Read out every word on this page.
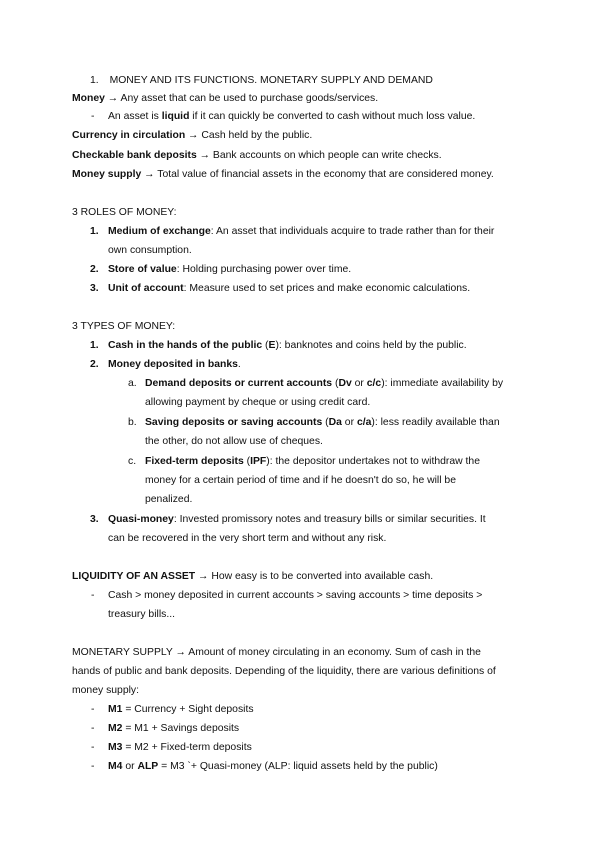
1. MONEY AND ITS FUNCTIONS. MONETARY SUPPLY AND DEMAND
Money → Any asset that can be used to purchase goods/services.
- An asset is liquid if it can quickly be converted to cash without much loss value.
Currency in circulation → Cash held by the public.
Checkable bank deposits → Bank accounts on which people can write checks.
Money supply → Total value of financial assets in the economy that are considered money.
3 ROLES OF MONEY:
1. Medium of exchange: An asset that individuals acquire to trade rather than for their
own consumption.
2. Store of value: Holding purchasing power over time.
3. Unit of account: Measure used to set prices and make economic calculations.
3 TYPES OF MONEY:
1. Cash in the hands of the public (E): banknotes and coins held by the public.
2. Money deposited in banks.
a. Demand deposits or current accounts (Dv or c/c): immediate availability by
allowing payment by cheque or using credit card.
b. Saving deposits or saving accounts (Da or c/a): less readily available than
the other, do not allow use of cheques.
c. Fixed-term deposits (IPF): the depositor undertakes not to withdraw the
money for a certain period of time and if he doesn't do so, he will be
penalized.
3. Quasi-money: Invested promissory notes and treasury bills or similar securities. It
can be recovered in the very short term and without any risk.
LIQUIDITY OF AN ASSET → How easy is to be converted into available cash.
- Cash > money deposited in current accounts > saving accounts > time deposits >
treasury bills...
MONETARY SUPPLY → Amount of money circulating in an economy. Sum of cash in the
hands of public and bank deposits. Depending of the liquidity, there are various definitions of
money supply:
- M1 = Currency + Sight deposits
- M2 = M1 + Savings deposits
- M3 = M2 + Fixed-term deposits
- M4 or ALP = M3 `+ Quasi-money (ALP: liquid assets held by the public)
